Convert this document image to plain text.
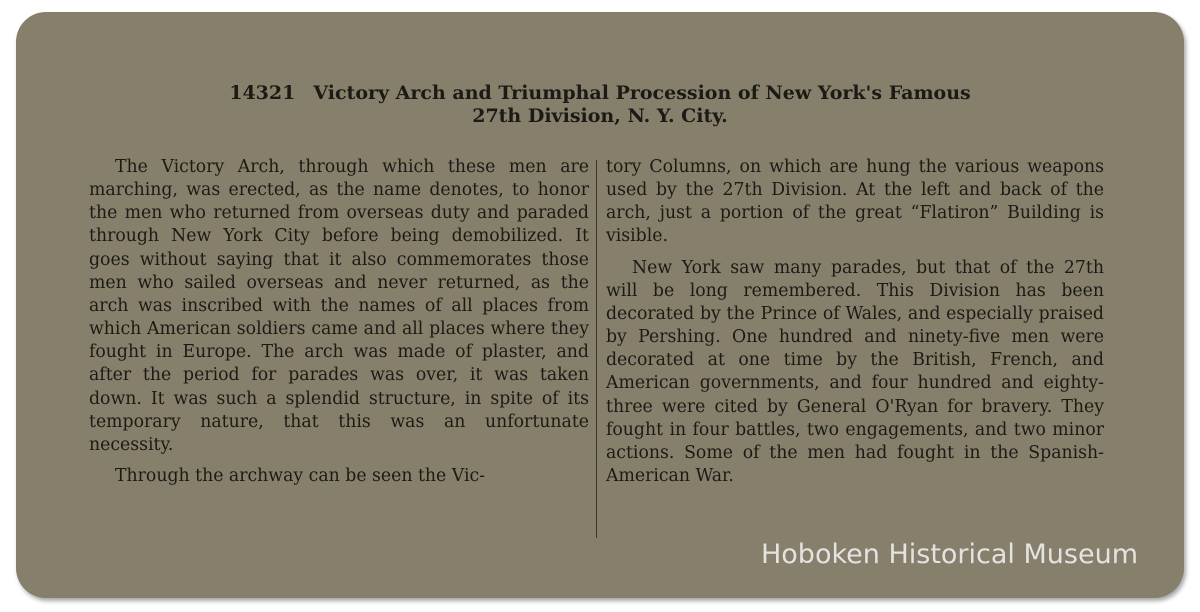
14321 Victory Arch and Triumphal Procession of New York's Famous
27th Division, N. Y. City.

The Victory Arch, through which these men are marching, was erected, as the name denotes, to honor the men who returned from overseas duty and paraded through New York City before being demobilized. It goes without saying that it also commemorates those men who sailed overseas and never returned, as the arch was inscribed with the names of all places from which American soldiers came and all places where they fought in Europe. The arch was made of plaster, and after the period for parades was over, it was taken down. It was such a splendid structure, in spite of its temporary nature, that this was an unfortunate necessity.

Through the archway can be seen the Vic-

tory Columns, on which are hung the various weapons used by the 27th Division. At the left and back of the arch, just a portion of the great “Flatiron” Building is visible.

New York saw many parades, but that of the 27th will be long remembered. This Division has been decorated by the Prince of Wales, and especially praised by Pershing. One hundred and ninety-five men were decorated at one time by the British, French, and American governments, and four hundred and eighty-three were cited by General O'Ryan for bravery. They fought in four battles, two engagements, and two minor actions. Some of the men had fought in the Spanish-American War.

Hoboken Historical Museum
